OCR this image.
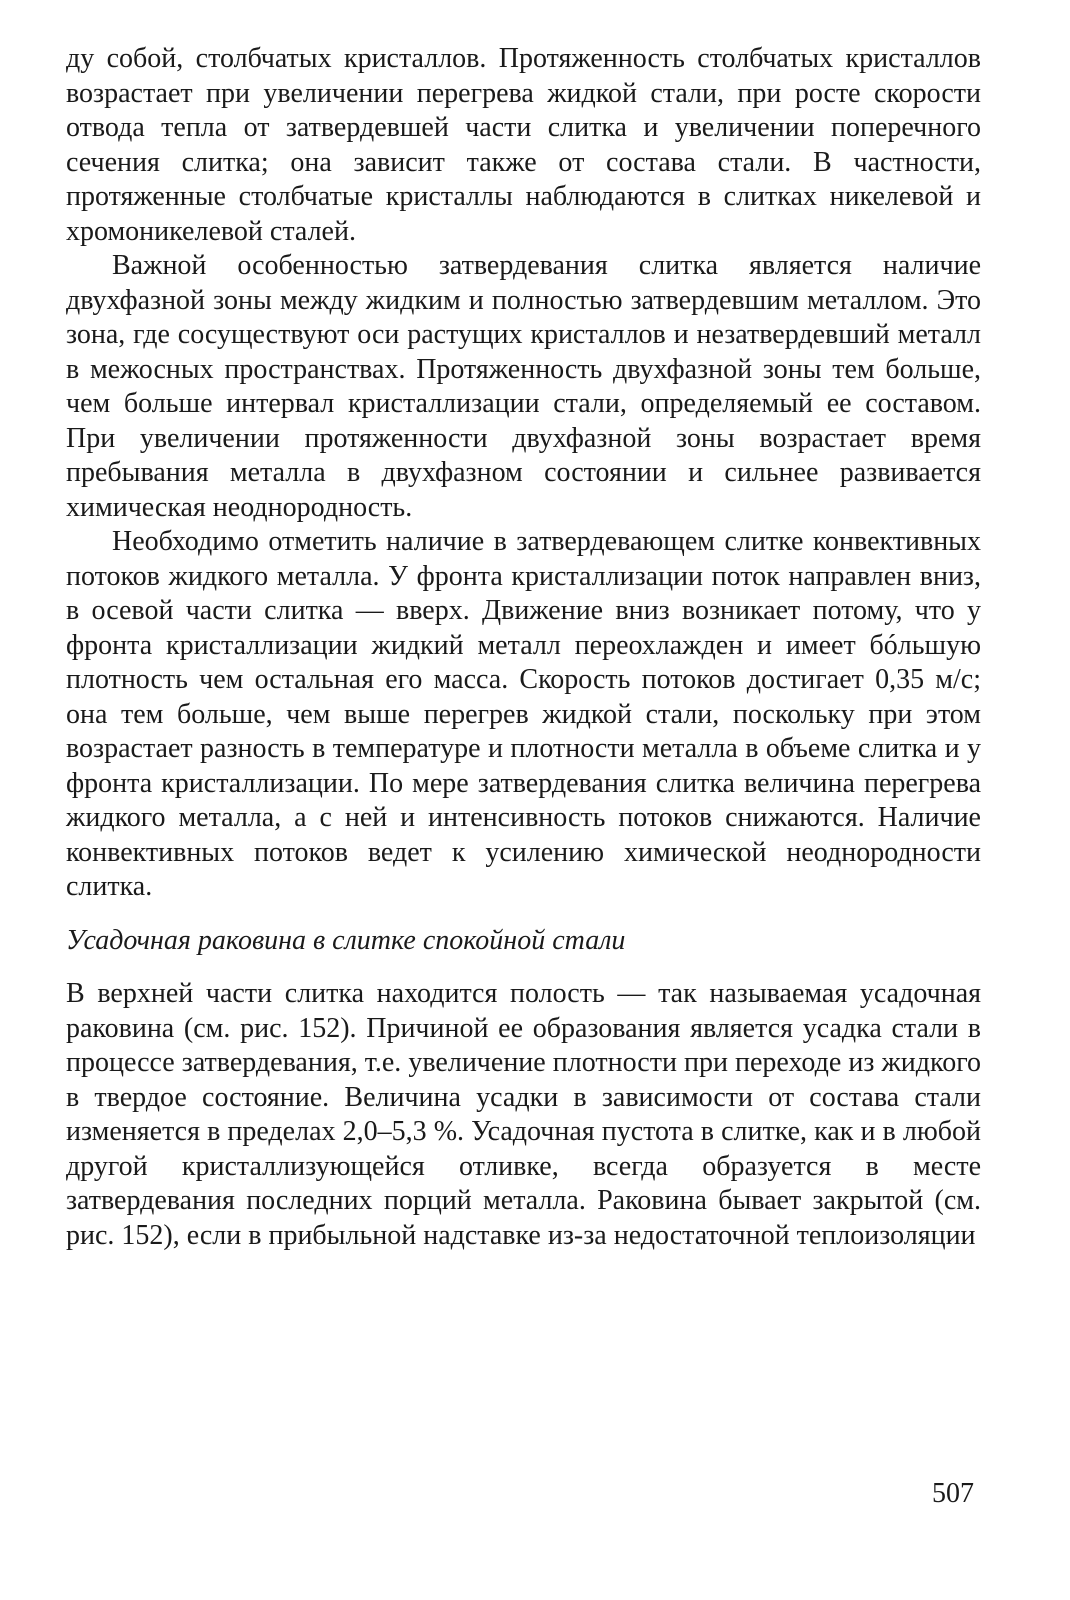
ду собой, столбчатых кристаллов. Протяженность столбчатых кристаллов возрастает при увеличении перегрева жидкой стали, при росте скорости отвода тепла от затвердевшей части слитка и увеличении поперечного сечения слитка; она зависит также от состава стали. В частности, протяженные столбчатые кристаллы наблюдаются в слитках никелевой и хромоникелевой сталей.

Важной особенностью затвердевания слитка является наличие двухфазной зоны между жидким и полностью затвердевшим металлом. Это зона, где сосуществуют оси растущих кристаллов и незатвердевший металл в межосных пространствах. Протяженность двухфазной зоны тем больше, чем больше интервал кристаллизации стали, определяемый ее составом. При увеличении протяженности двухфазной зоны возрастает время пребывания металла в двухфазном состоянии и сильнее развивается химическая неоднородность.

Необходимо отметить наличие в затвердевающем слитке конвективных потоков жидкого металла. У фронта кристаллизации поток направлен вниз, в осевой части слитка — вверх. Движение вниз возникает потому, что у фронта кристаллизации жидкий металл переохлажден и имеет бóльшую плотность чем остальная его масса. Скорость потоков достигает 0,35 м/с; она тем больше, чем выше перегрев жидкой стали, поскольку при этом возрастает разность в температуре и плотности металла в объеме слитка и у фронта кристаллизации. По мере затвердевания слитка величина перегрева жидкого металла, а с ней и интенсивность потоков снижаются. Наличие конвективных потоков ведет к усилению химической неоднородности слитка.

Усадочная раковина в слитке спокойной стали

В верхней части слитка находится полость — так называемая усадочная раковина (см. рис. 152). Причиной ее образования является усадка стали в процессе затвердевания, т.е. увеличение плотности при переходе из жидкого в твердое состояние. Величина усадки в зависимости от состава стали изменяется в пределах 2,0–5,3 %. Усадочная пустота в слитке, как и в любой другой кристаллизующейся отливке, всегда образуется в месте затвердевания последних порций металла. Раковина бывает закрытой (см. рис. 152), если в прибыльной надставке из-за недостаточной теплоизоляции

507
